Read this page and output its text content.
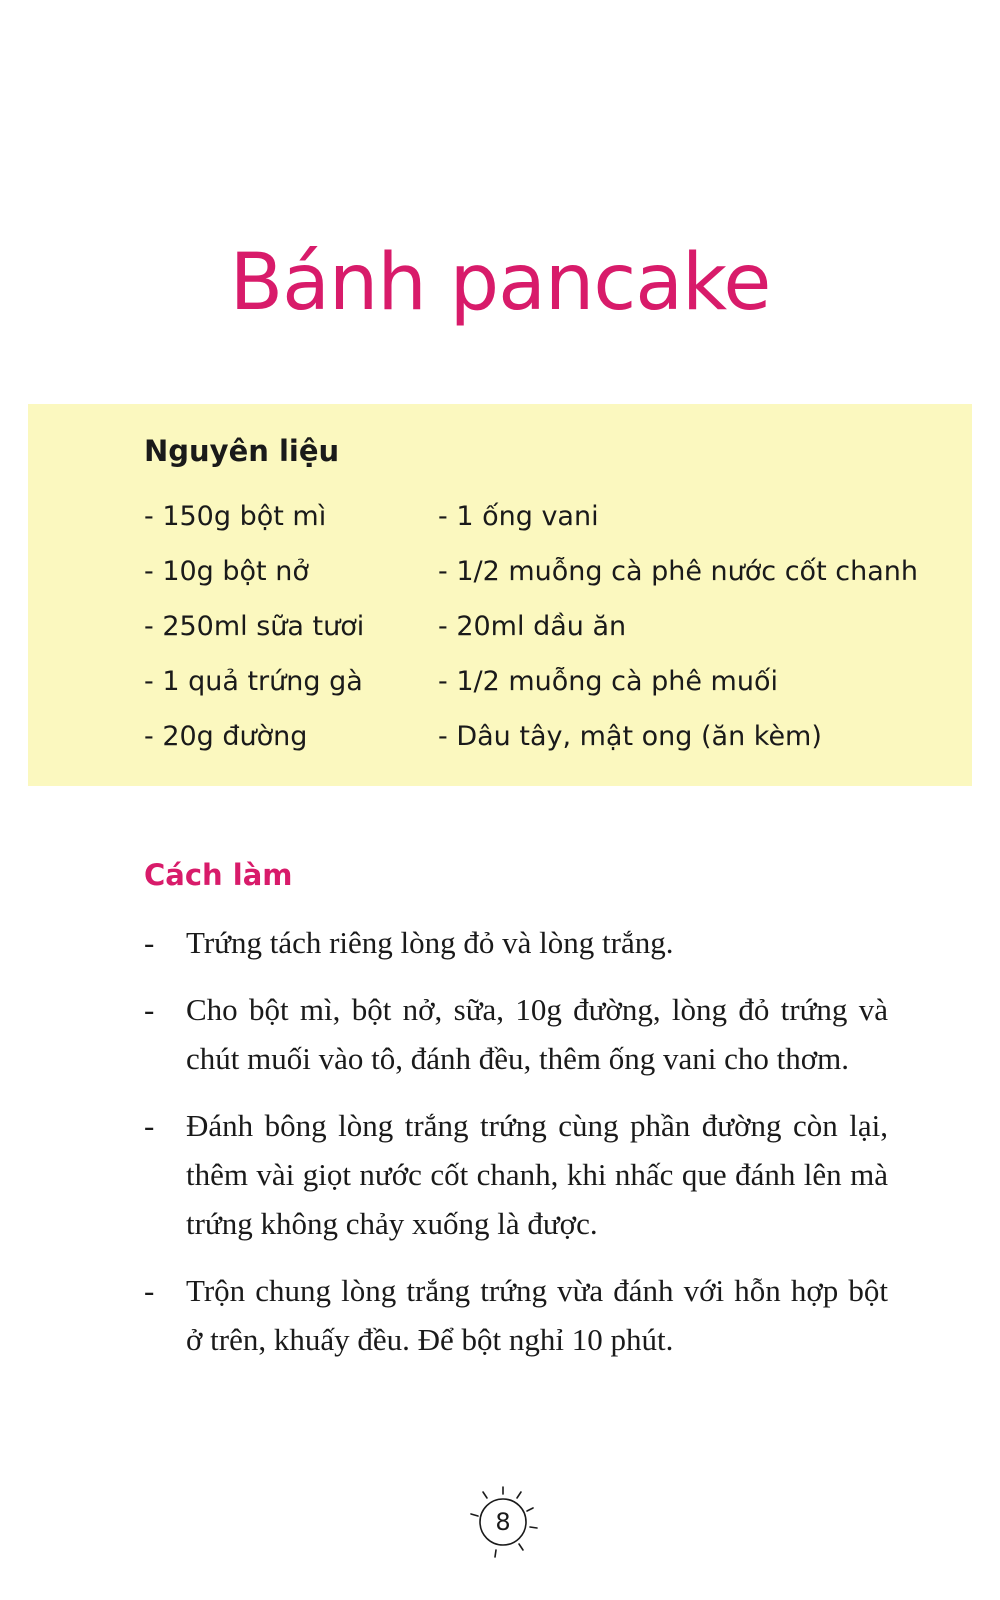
Bánh pancake
Nguyên liệu
- 150g bột mì
- 10g bột nở
- 250ml sữa tươi
- 1 quả trứng gà
- 20g đường
- 1 ống vani
- 1/2 muỗng cà phê nước cốt chanh
- 20ml dầu ăn
- 1/2 muỗng cà phê muối
- Dâu tây, mật ong (ăn kèm)
Cách làm
- Trứng tách riêng lòng đỏ và lòng trắng.
- Cho bột mì, bột nở, sữa, 10g đường, lòng đỏ trứng và chút muối vào tô, đánh đều, thêm ống vani cho thơm.
- Đánh bông lòng trắng trứng cùng phần đường còn lại, thêm vài giọt nước cốt chanh, khi nhấc que đánh lên mà trứng không chảy xuống là được.
- Trộn chung lòng trắng trứng vừa đánh với hỗn hợp bột ở trên, khuấy đều. Để bột nghỉ 10 phút.
8
